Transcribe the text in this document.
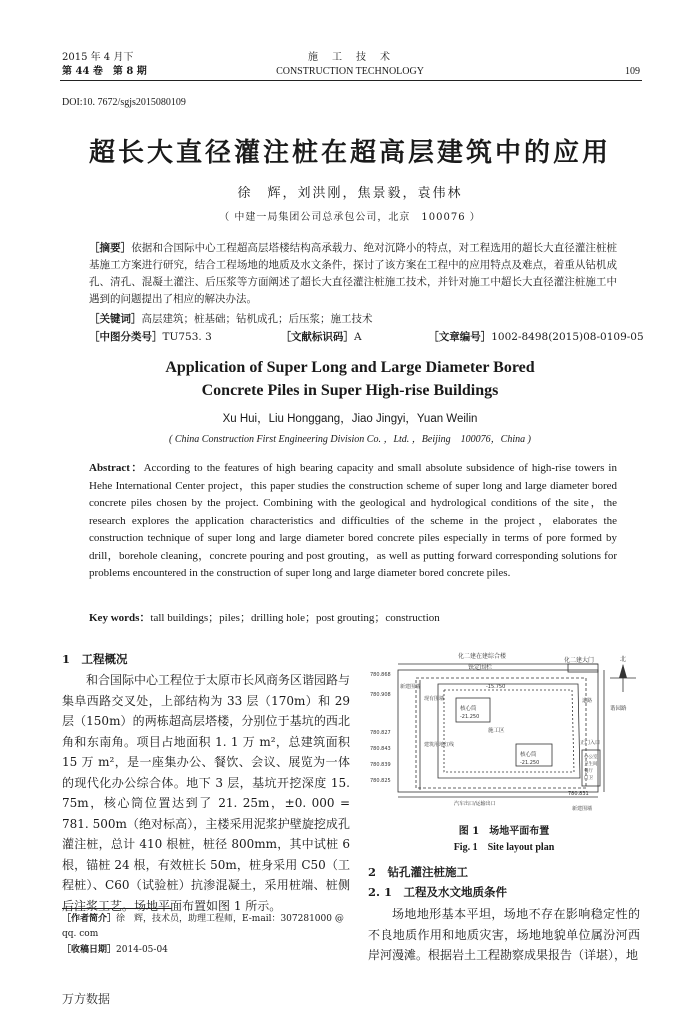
2015 年 4 月下
第 44 卷　第 8 期
施　工　技　术
CONSTRUCTION TECHNOLOGY	109
DOI:10. 7672/sgjs2015080109
超长大直径灌注桩在超高层建筑中的应用
徐　辉，刘洪刚，焦景毅，袁伟林
（ 中建一局集团公司总承包公司，北京　100076 ）
［摘要］依据和合国际中心工程超高层塔楼结构高承载力、绝对沉降小的特点，对工程选用的超长大直径灌注桩桩基施工方案进行研究，结合工程场地的地质及水文条件，探讨了该方案在工程中的应用特点及难点，着重从钻机成孔、清孔、混凝土灌注、后压浆等方面阐述了超长大直径灌注桩施工技术，并针对施工中超长大直径灌注桩施工中遇到的问题提出了相应的解决办法。
［关键词］高层建筑；桩基础；钻机成孔；后压浆；施工技术
［中图分类号］TU753. 3	［文献标识码］A	［文章编号］1002-8498(2015)08-0109-05
Application of Super Long and Large Diameter Bored
Concrete Piles in Super High-rise Buildings
Xu Hui，Liu Honggang，Jiao Jingyi，Yuan Weilin
( China Construction First Engineering Division Co. ，Ltd. ，Beijing　100076，China )
Abstract：According to the features of high bearing capacity and small absolute subsidence of high-rise towers in Hehe International Center project，this paper studies the construction scheme of super long and large diameter bored concrete piles chosen by the project. Combining with the geological and hydrological conditions of the site，the research explores the application characteristics and difficulties of the scheme in the project，elaborates the construction technique of super long and large diameter bored concrete piles especially in terms of pore formed by drill，borehole cleaning，concrete pouring and post grouting，as well as putting forward corresponding solutions for problems encountered in the construction of super long and large diameter bored concrete piles.
Key words：tall buildings；piles；drilling hole；post grouting；construction
1　工程概况
和合国际中心工程位于太原市长风商务区谐园路与集阜西路交叉处，上部结构为 33 层（170m）和 29 层（150m）的两栋超高层塔楼，分别位于基坑的西北角和东南角。项目占地面积 1. 1 万 m²，总建筑面积 15 万 m²，是一座集办公、餐饮、会议、展览为一体的现代化办公综合体。地下 3 层，基坑开挖深度 15. 75m，核心筒位置达到了 21. 25m，±0. 000 = 781. 500m（绝对标高），主楼采用泥浆护壁旋挖成孔灌注桩，总计 410 根桩，桩径 800mm，其中试桩 6 根，锚桩 24 根，有效桩长 50m，桩身采用 C50（工程桩）、C60（试验桩）抗渗混凝土，采用桩端、桩侧后注浆工艺。场地平面布置如图 1 所示。
［作者简介］徐　辉，技术员，助理工程师，E-mail：307281000 @ qq. com
［收稿日期］2014-05-04
北
化二建在建综合楼
铁定围栏
化二建大门
780.868
780.908
780.827
780.843
780.839
780.825
780.831
新建围墙
现有围墙
建筑用地红线
核心筒
-21.250
核心筒
-21.250
-15.750
施工区
谐园路
道路
正门入口
办公室
卫生间
餐厅
门卫
汽车出口/运输出口
新建围墙
图 1　场地平面布置
Fig. 1　Site layout plan
2　钻孔灌注桩施工
2. 1　工程及水文地质条件
场地地形基本平坦，场地不存在影响稳定性的不良地质作用和地质灾害，场地地貌单位属汾河西岸河漫滩。根据岩土工程勘察成果报告（详堪），地
万方数据
